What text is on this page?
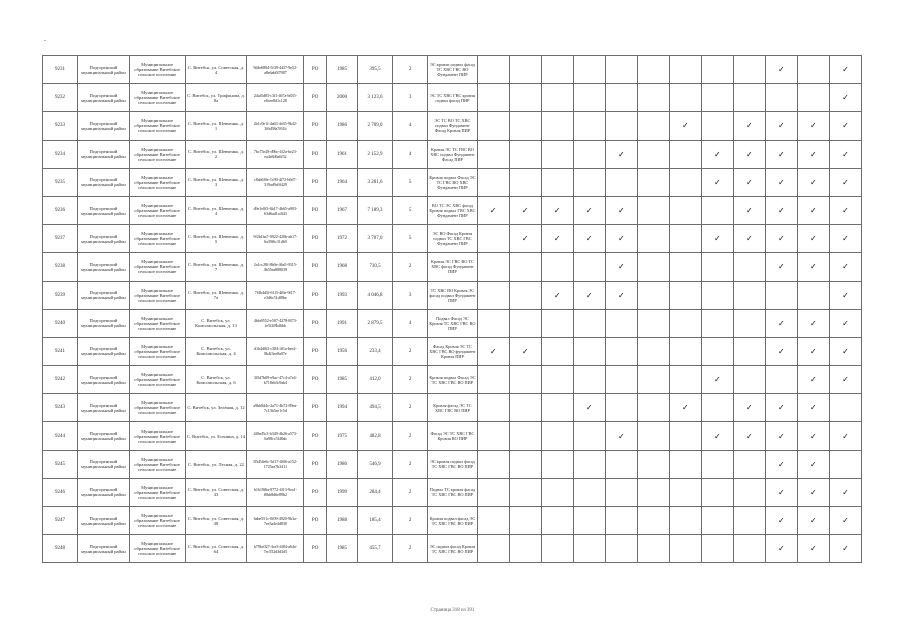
-
9231	Подгоренский муниципальный район	Муниципальное образование Витебское сельское поселение	С. Витебск, ул. Советская, д. 4	9d4e6884-5f39-4437-9e52-a8e6ab0f7087	РО	1985	395,5	2	ЭС кровли подвал фасад ТС ХВС ГВС ВО Фундамент ПИР										✓		✓
9232	Подгоренский муниципальный район	Муниципальное образование Витебское сельское поселение	С. Витебск, ул. Трифонова, д. 8а	24af5d83-c3f1-467a-b635-e6cee8d1c128	РО	2000	3 123,6	3	ЭС ТС ХВС ГВС кровля подвал фасад ПИР												✓
9233	Подгоренский муниципальный район	Муниципальное образование Витебское сельское поселение	С. Витебск, ул. Шевченко, д. 1	2b1c9e1f-4a63-4c65-9b42-3f6d58a7f61b	РО	1986	2 709,0	4	ЭС ТС ВО ТС ХВС подвал Фундамент Фасад Кровля ПИР							✓		✓	✓	✓	✓
9234	Подгоренский муниципальный район	Муниципальное образование Витебское сельское поселение	С. Витебск, ул. Шевченко, д. 2	7bc75e28-d9bc-4f2a-be23-ea4e8d6a6f32	РО	1961	2 152,9	4	Кровля ЭС ТС ГВС ВО ХВС подвал Фундамент Фасад ПИР					✓			✓	✓	✓	✓	✓
9235	Подгоренский муниципальный район	Муниципальное образование Витебское сельское поселение	С. Витебск, ул. Шевченко, д. 3	c8ab6f0e-1c90-4f72-b6d7-319ad9a9f429	РО	1964	3 201,6	5	Кровля подвал Фасад ЭС ТС ГВС ВО ХВС Фундамент ПИР								✓	✓	✓	✓	✓
9236	Подгоренский муниципальный район	Муниципальное образование Витебское сельское поселение	С. Витебск, ул. Шевченко, д. 4	d9e1e0f3-6b17-4b65-a903-63d6ad1cdf43	РО	1967	7 189,3	5	ВО ТС ЭС ХВС фасад Кровля подвал ГВС ХВС Фундамент ПИР	✓	✓	✓	✓	✓				✓	✓	✓	✓
9237	Подгоренский муниципальный район	Муниципальное образование Витебское сельское поселение	С. Витебск, ул. Шевченко, д. 5	9f2b1ba7-0922-420b-ab17-6a39f6c31db9	РО	1972	3 707,0	5	ЭС ВО Фасад Кровля подвал ТС ХВС ГВС Фундамент ПИР		✓	✓	✓	✓			✓	✓	✓	✓	✓
9238	Подгоренский муниципальный район	Муниципальное образование Витебское сельское поселение	С. Витебск, ул. Шевченко, д. 7	2a1cc28f-8b0e-46a5-9315-4b55ea888039	РО	1968	730,5	2	Кровля ЭС ГВС ВО ТС ХВС фасад Фундамент ПИР					✓					✓	✓	✓
9239	Подгоренский муниципальный район	Муниципальное образование Витебское сельское поселение	С. Витебск, ул. Шевченко, д. 7а	7f4b4d5f-61f5-4f6e-9f17-e3d6c51df8be	РО	1993	4 046,8	3	ТС ХВС ВО Кровля ЭС фасад подвал Фундамент ПИР			✓	✓	✓							✓
9240	Подгоренский муниципальный район	Муниципальное образование Витебское сельское поселение	С. Витебск, ул. Комсомольская, д. 13	4bfa9552-e507-4278-8f73-fe5f2f8bf6bb	РО	1991	2 879,5	4	Подвал Фасад ЭС Кровля ТС ХВС ГВС ВО ПИР										✓	✓	✓
9241	Подгоренский муниципальный район	Муниципальное образование Витебское сельское поселение	С. Витебск, ул. Комсомольская, д. 4	d1b4d0f2-c384-4f1a-bee2-8b4f3ee8a07e	РО	1956	233,4	2	Фасад Кровля ЭС ТС ХВС ГВС ВО фундамент Кровля ПИР	✓	✓								✓	✓	✓
9242	Подгоренский муниципальный район	Муниципальное образование Витебское сельское поселение	С. Витебск, ул. Комсомольская, д. 6	3f5d7b09-e9ac-47c4-a7e4-b718eb3c9ab4	РО	1985	412,0	2	Кровля подвал Фасад ЭС ТС ХВС ГВС ВО ПИР								✓			✓	✓
9243	Подгоренский муниципальный район	Муниципальное образование Витебское сельское поселение	С. Витебск, ул. Зелёная, д. 12	a9bb8d4c-2a71-4b72-89ea-7c13b5ee1c5d	РО	1994	494,5	2	Кровля фасад ЭС ТС ХВС ГВС ВО ПИР				✓			✓		✓	✓	✓	
9244	Подгоренский муниципальный район	Муниципальное образование Витебское сельское поселение	С. Витебск, ул. Есенина, д. 14	4f0ed5c3-b349-4b26-a573-6a98cc5f48ab	РО	1975	482,8	2	Фасад ЭС ТС ХВС ГВС Кровля ВО ПИР					✓			✓	✓	✓	✓	✓
9245	Подгоренский муниципальный район	Муниципальное образование Витебское сельское поселение	С. Витебск, ул. Лесная, д. 22	85d54e6c-5d17-48f6-a152-1725ea7b3411	РО	1986	546,9	2	ЭС кровля подвал фасад ТС ХВС ГВС ВО ПИР										✓	✓	
9246	Подгоренский муниципальный район	Муниципальное образование Витебское сельское поселение	С. Витебск, ул. Советская, д. 43	b1b19f6a-9772-4f13-9ea1-f0bb8d6e89b2	РО	1999	284,4	2	Подвал ТС кровля фасад ТС ХВС ГВС ВО ПИР										✓	✓	✓
9247	Подгоренский муниципальный район	Муниципальное образование Витебское сельское поселение	С. Витебск, ул. Советская, д. 48	6abe551c-0f09-4920-9b3a-7ee3a4e4d830	РО	1988	185,4	2	Кровля подвал фасад ЭС ТС ХВС ГВС ВО ПИР										✓	✓	✓
9248	Подгоренский муниципальный район	Муниципальное образование Витебское сельское поселение	С. Витебск, ул. Советская, д. 64	b79bc027-4ce3-4f84-a64a-7ec552d3d3d5	РО	1985	455,7	2	ЭС подвал фасад Кровля ТС ХВС ГВС ВО ПИР										✓	✓	✓
Страница 318 из 391
